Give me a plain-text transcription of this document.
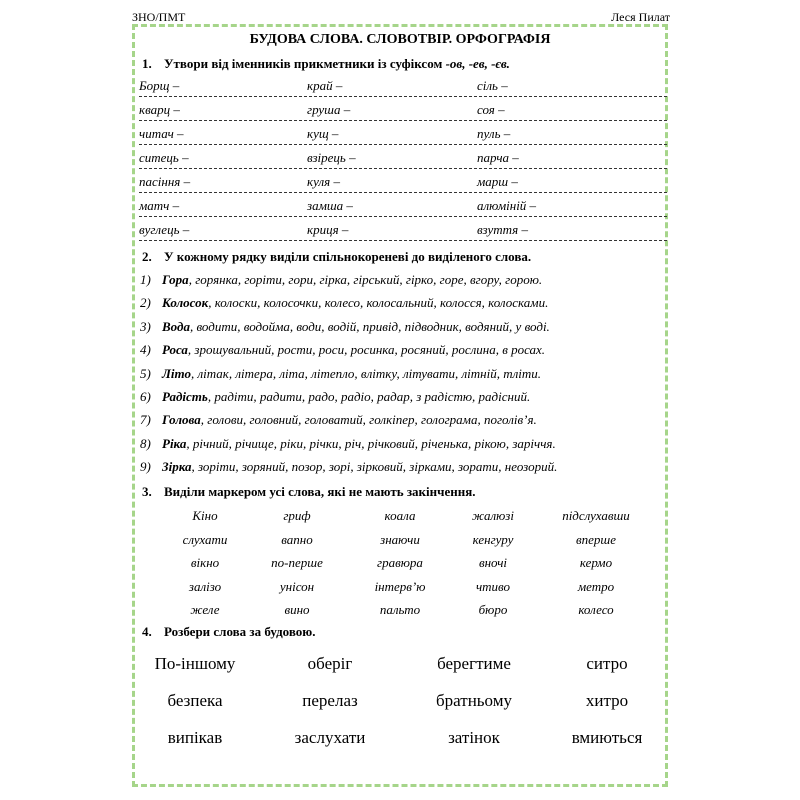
ЗНО/ПМТ	Леся Пилат
БУДОВА СЛОВА. СЛОВОТВІР. ОРФОГРАФІЯ
1. Утвори від іменників прикметники із суфіксом -ов, -ев, -єв.
Борщ –	край –	сіль –
кварц –	груша –	соя –
читач –	кущ –	пуль –
ситець –	взірець –	парча –
пасіння –	куля –	марш –
матч –	замша –	алюміній –
вуглець –	криця –	взуття –
2. У кожному рядку виділи спільнокореневі до виділеного слова.
1) Гора, горянка, горіти, гори, гірка, гірський, гірко, горе, вгору, горою.
2) Колосок, колоски, колосочки, колесо, колосальний, колосся, колосками.
3) Вода, водити, водойма, води, водій, привід, підводник, водяний, у воді.
4) Роса, зрошувальний, рости, роси, росинка, росяний, рослина, в росах.
5) Літо, літак, літера, літа, літепло, влітку, літувати, літній, тліти.
6) Радість, радіти, радити, радо, радіо, радар, з радістю, радісний.
7) Голова, голови, головний, головатий, голкіпер, голограма, поголів’я.
8) Ріка, річний, річище, ріки, річки, річ, річковий, річенька, рікою, заріччя.
9) Зірка, зоріти, зоряний, позор, зорі, зірковий, зірками, зорати, неозорий.
3. Виділи маркером усі слова, які не мають закінчення.
Кіно	гриф	коала	жалюзі	підслухавши
слухати	вапно	знаючи	кенгуру	вперше
вікно	по-перше	гравюра	вночі	кермо
залізо	унісон	інтерв’ю	чтиво	метро
желе	вино	пальто	бюро	колесо
4. Розбери слова за будовою.
По-іншому	оберіг	берегтиме	ситро
безпека	перелаз	братньому	хитро
випікав	заслухати	затінок	вмиються
